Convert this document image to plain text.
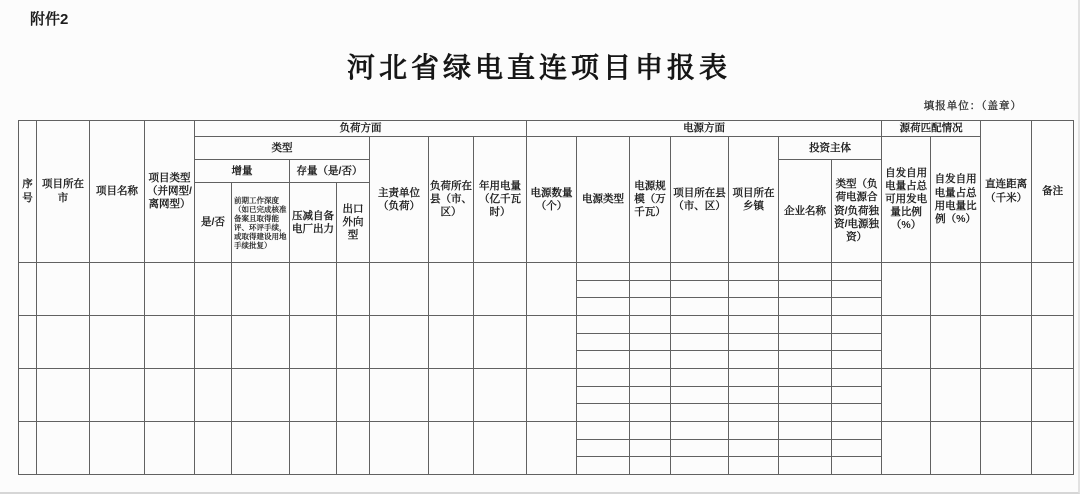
附件2
河北省绿电直连项目申报表
填报单位：（盖章）
序号	项目所在市	项目名称	项目类型（并网型/离网型）	负荷方面							电源方面							源荷匹配情况		直连距离（千米）	备注
				类型				主责单位（负荷）	负荷所在县（市、区）	年用电量（亿千瓦时）	电源数量（个）	电源类型	电源规模（万千瓦）	项目所在县（市、区）	项目所在乡镇	投资主体		自发自用电量占总可用发电量比例（%）	自发自用电量占总用电量比例（%）		
				增量		存量（是/否）										企业名称	类型（负荷电源合资/负荷独资/电源独资）				
				是/否	前期工作深度（如已完成核准备案且取得能评、环评手续，或取得建设用地手续批复）	压减自备电厂出力	出口外向型														
